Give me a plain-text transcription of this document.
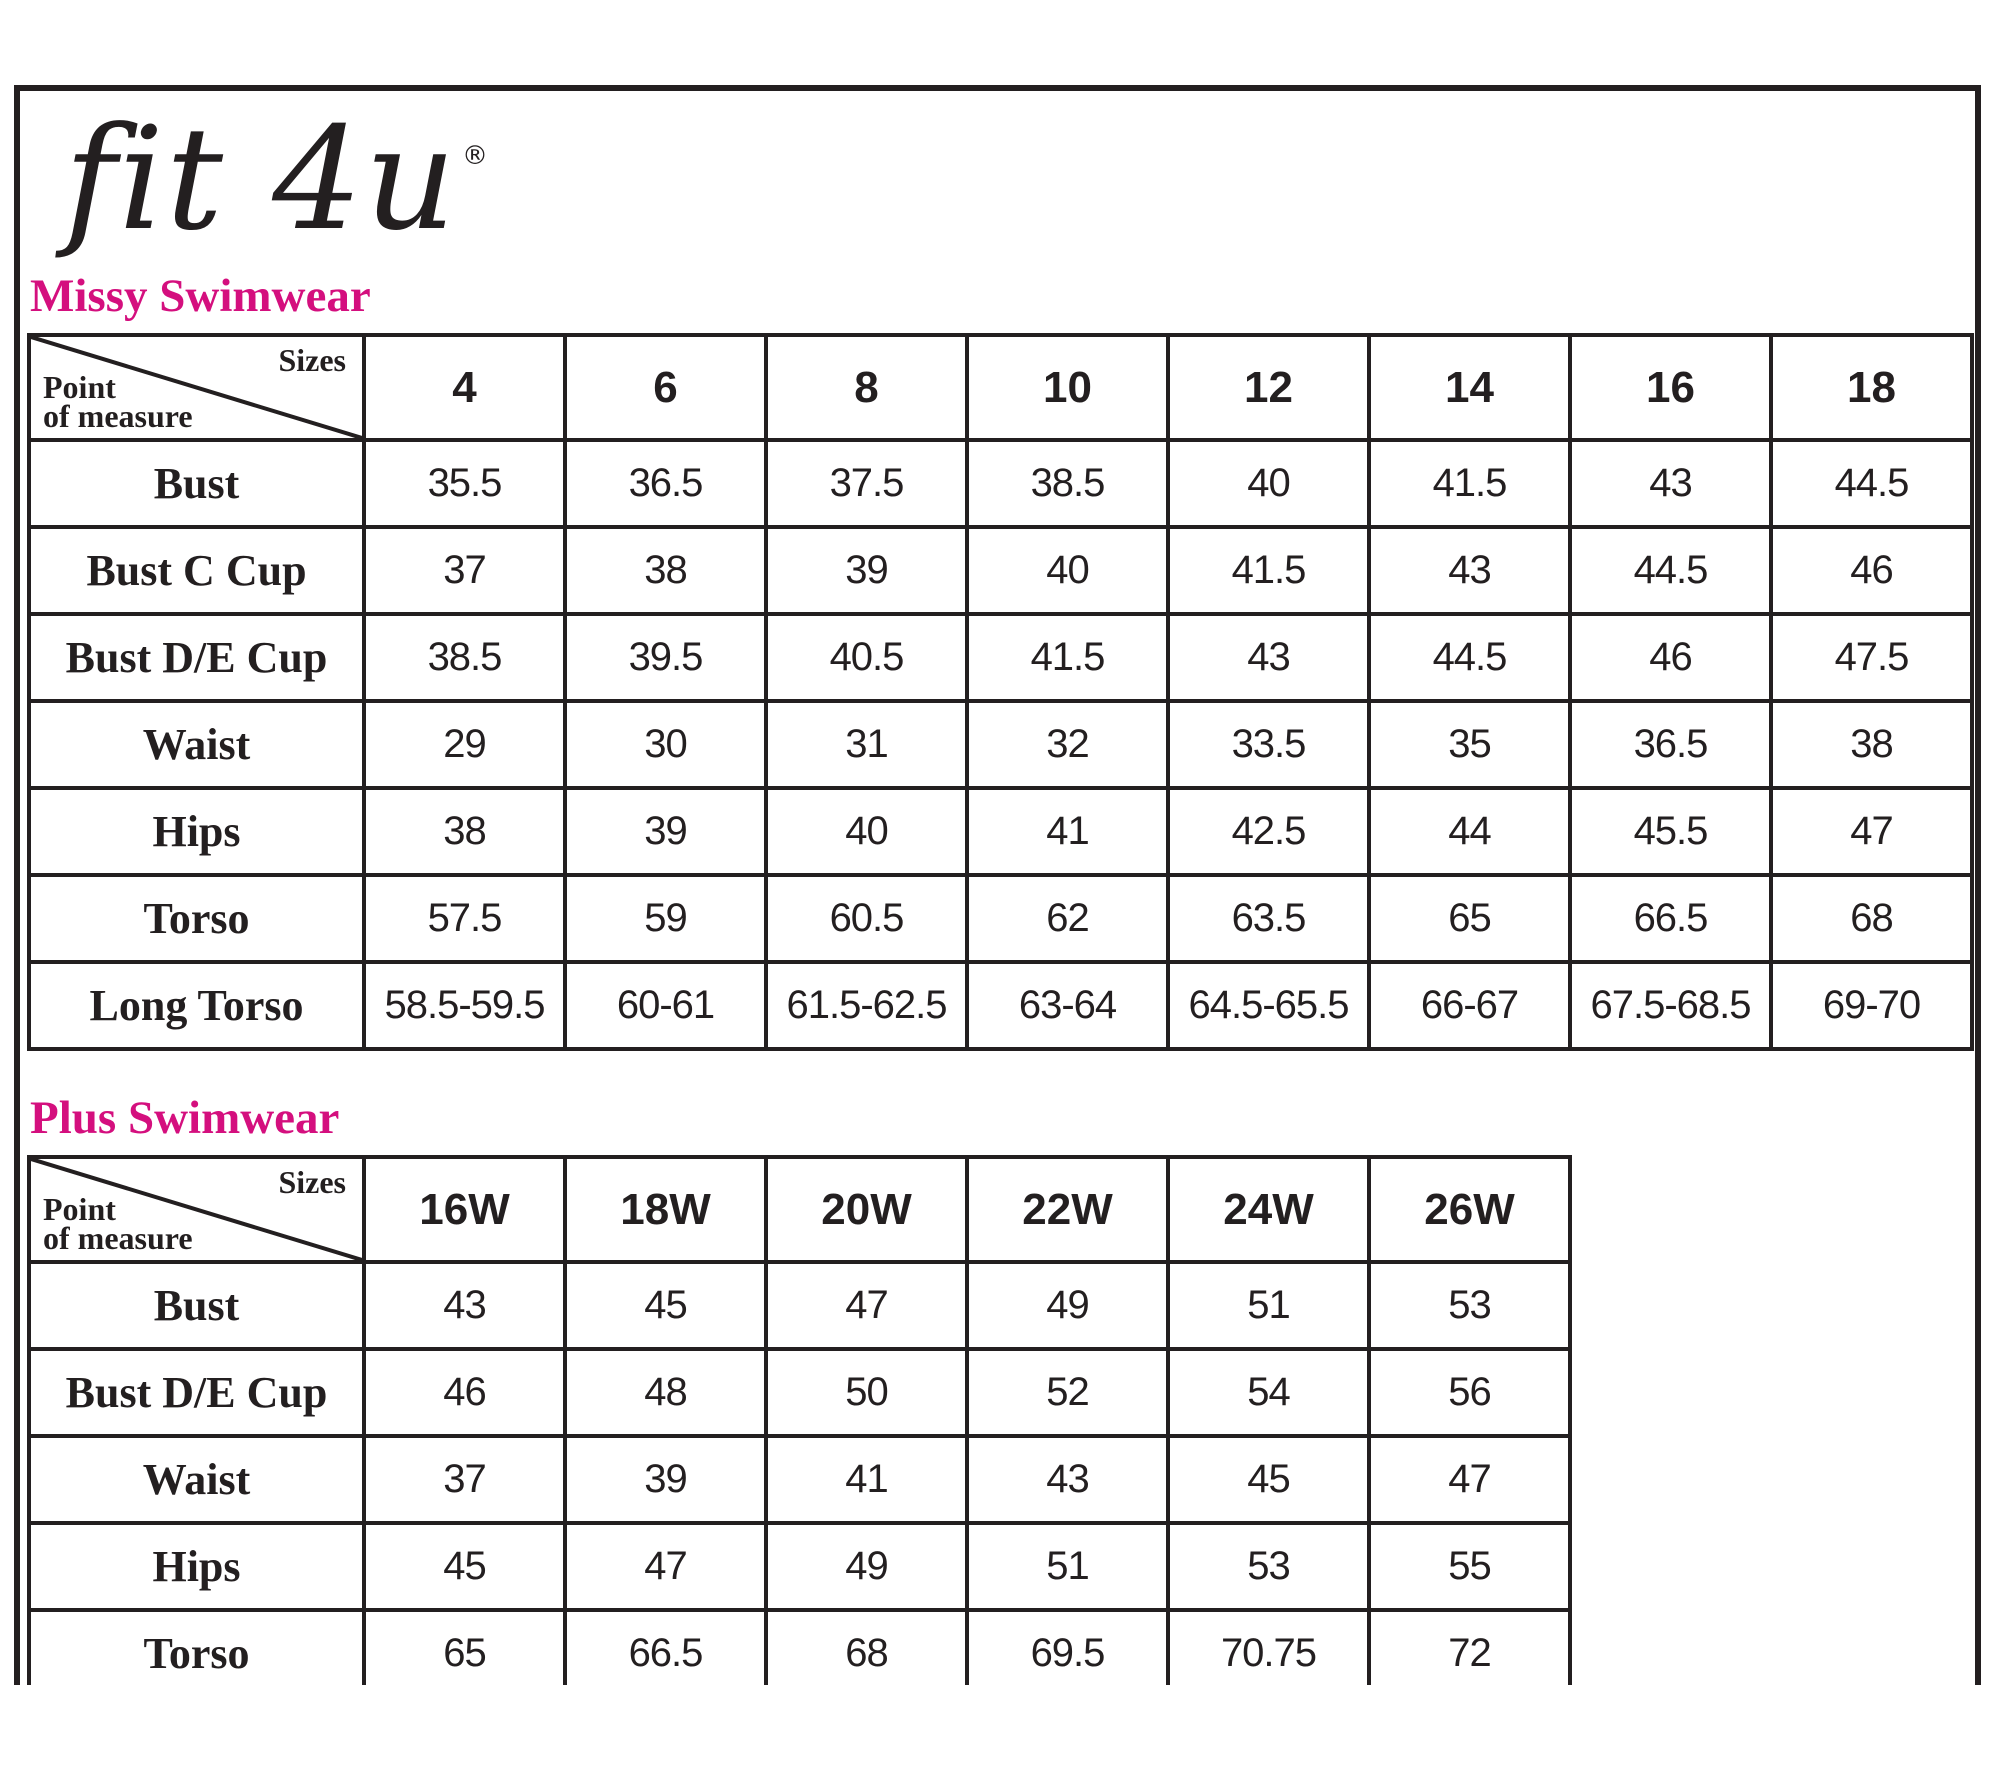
fit 4u ®
Missy Swimwear
Sizes
Point
of measure	4	6	8	10	12	14	16	18
Bust	35.5	36.5	37.5	38.5	40	41.5	43	44.5
Bust C Cup	37	38	39	40	41.5	43	44.5	46
Bust D/E Cup	38.5	39.5	40.5	41.5	43	44.5	46	47.5
Waist	29	30	31	32	33.5	35	36.5	38
Hips	38	39	40	41	42.5	44	45.5	47
Torso	57.5	59	60.5	62	63.5	65	66.5	68
Long Torso	58.5-59.5	60-61	61.5-62.5	63-64	64.5-65.5	66-67	67.5-68.5	69-70
Plus Swimwear
Sizes
Point
of measure	16W	18W	20W	22W	24W	26W
Bust	43	45	47	49	51	53
Bust D/E Cup	46	48	50	52	54	56
Waist	37	39	41	43	45	47
Hips	45	47	49	51	53	55
Torso	65	66.5	68	69.5	70.75	72
